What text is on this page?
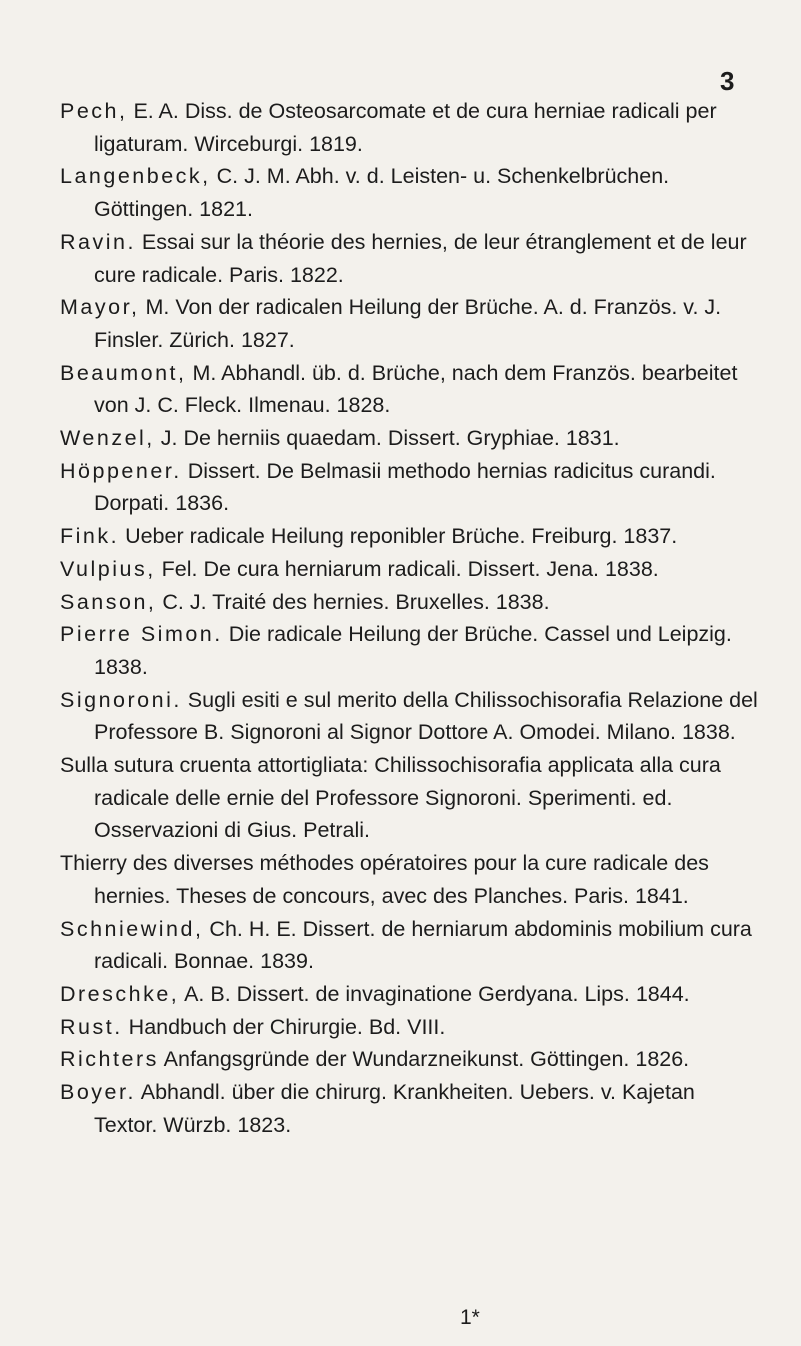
3

Pech, E. A. Diss. de Osteosarcomate et de cura herniae radicali per ligaturam. Wirceburgi. 1819.

Langenbeck, C. J. M. Abh. v. d. Leisten- u. Schenkelbrüchen. Göttingen. 1821.

Ravin. Essai sur la théorie des hernies, de leur étranglement et de leur cure radicale. Paris. 1822.

Mayor, M. Von der radicalen Heilung der Brüche. A. d. Französ. v. J. Finsler. Zürich. 1827.

Beaumont, M. Abhandl. üb. d. Brüche, nach dem Französ. bearbeitet von J. C. Fleck. Ilmenau. 1828.

Wenzel, J. De herniis quaedam. Dissert. Gryphiae. 1831.

Höppener. Dissert. De Belmasii methodo hernias radicitus curandi. Dorpati. 1836.

Fink. Ueber radicale Heilung reponibler Brüche. Freiburg. 1837.

Vulpius, Fel. De cura herniarum radicali. Dissert. Jena. 1838.

Sanson, C. J. Traité des hernies. Bruxelles. 1838.

Pierre Simon. Die radicale Heilung der Brüche. Cassel und Leipzig. 1838.

Signoroni. Sugli esiti e sul merito della Chilissochisorafia Relazione del Professore B. Signoroni al Signor Dottore A. Omodei. Milano. 1838.

Sulla sutura cruenta attortigliata: Chilissochisorafia applicata alla cura radicale delle ernie del Professore Signoroni. Sperimenti. ed. Osservazioni di Gius. Petrali.

Thierry des diverses méthodes opératoires pour la cure radicale des hernies. Theses de concours, avec des Planches. Paris. 1841.

Schniewind, Ch. H. E. Dissert. de herniarum abdominis mobilium cura radicali. Bonnae. 1839.

Dreschke, A. B. Dissert. de invaginatione Gerdyana. Lips. 1844.

Rust. Handbuch der Chirurgie. Bd. VIII.

Richters Anfangsgründe der Wundarzneikunst. Göttingen. 1826.

Boyer. Abhandl. über die chirurg. Krankheiten. Uebers. v. Kajetan Textor. Würzb. 1823.

1*
